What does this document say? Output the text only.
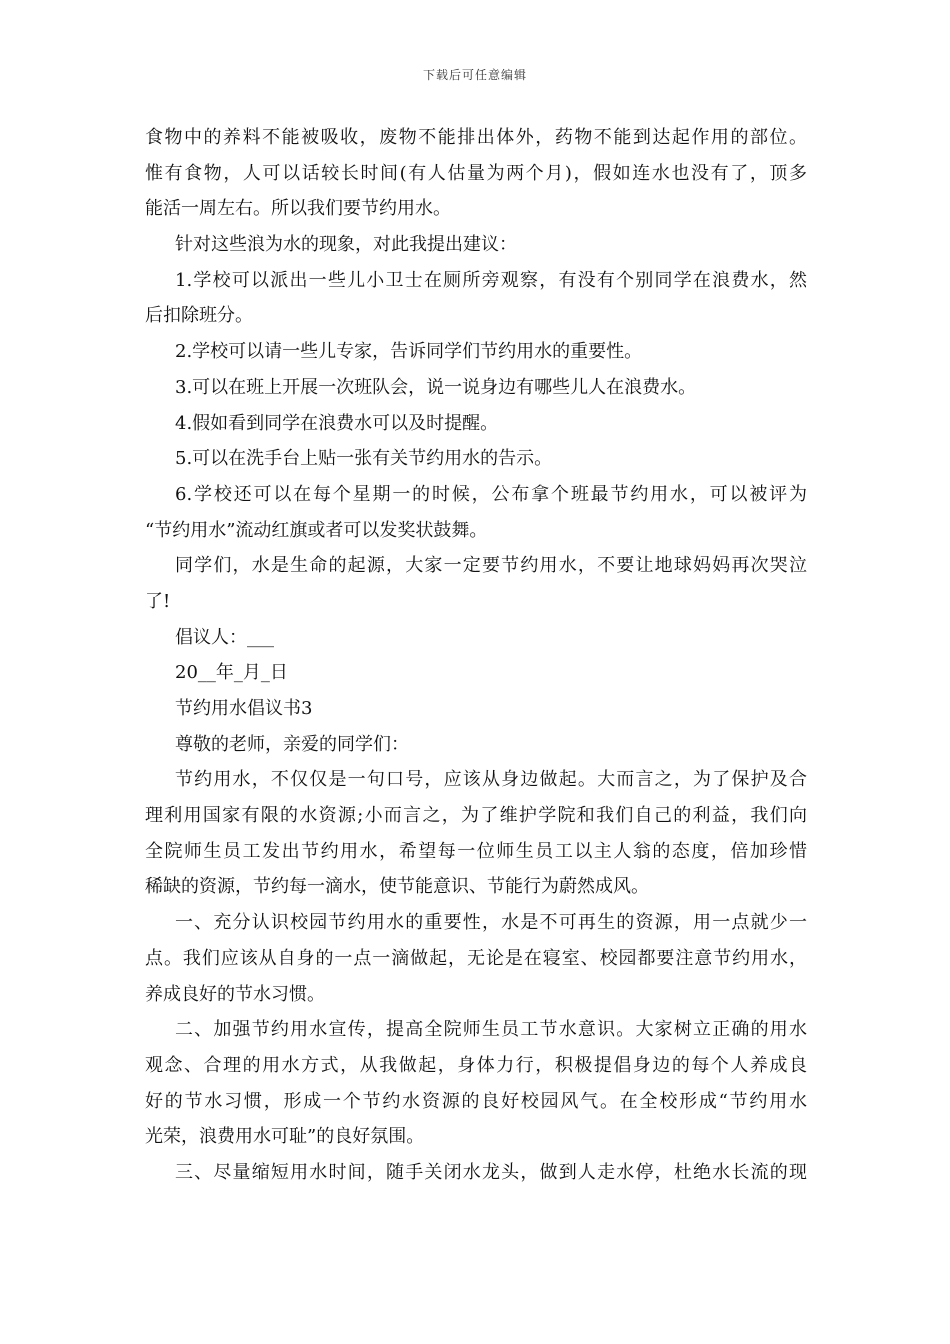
下载后可任意编辑
食物中的养料不能被吸收，废物不能排出体外，药物不能到达起作用的部位。
惟有食物，人可以话较长时间(有人估量为两个月)，假如连水也没有了，顶多
能活一周左右。所以我们要节约用水。
针对这些浪为水的现象，对此我提出建议：
1.学校可以派出一些儿小卫士在厕所旁观察，有没有个别同学在浪费水，然
后扣除班分。
2.学校可以请一些儿专家，告诉同学们节约用水的重要性。
3.可以在班上开展一次班队会，说一说身边有哪些儿人在浪费水。
4.假如看到同学在浪费水可以及时提醒。
5.可以在洗手台上贴一张有关节约用水的告示。
6.学校还可以在每个星期一的时候，公布拿个班最节约用水，可以被评为
“节约用水”流动红旗或者可以发奖状鼓舞。
同学们，水是生命的起源，大家一定要节约用水，不要让地球妈妈再次哭泣
了!
倡议人：___
20__年_月_日
节约用水倡议书3
尊敬的老师，亲爱的同学们：
节约用水，不仅仅是一句口号，应该从身边做起。大而言之，为了保护及合
理利用国家有限的水资源;小而言之，为了维护学院和我们自己的利益，我们向
全院师生员工发出节约用水，希望每一位师生员工以主人翁的态度，倍加珍惜
稀缺的资源，节约每一滴水，使节能意识、节能行为蔚然成风。
一、充分认识校园节约用水的重要性，水是不可再生的资源，用一点就少一
点。我们应该从自身的一点一滴做起，无论是在寝室、校园都要注意节约用水，
养成良好的节水习惯。
二、加强节约用水宣传，提高全院师生员工节水意识。大家树立正确的用水
观念、合理的用水方式，从我做起，身体力行，积极提倡身边的每个人养成良
好的节水习惯，形成一个节约水资源的良好校园风气。在全校形成“节约用水
光荣，浪费用水可耻”的良好氛围。
三、尽量缩短用水时间，随手关闭水龙头，做到人走水停，杜绝水长流的现
